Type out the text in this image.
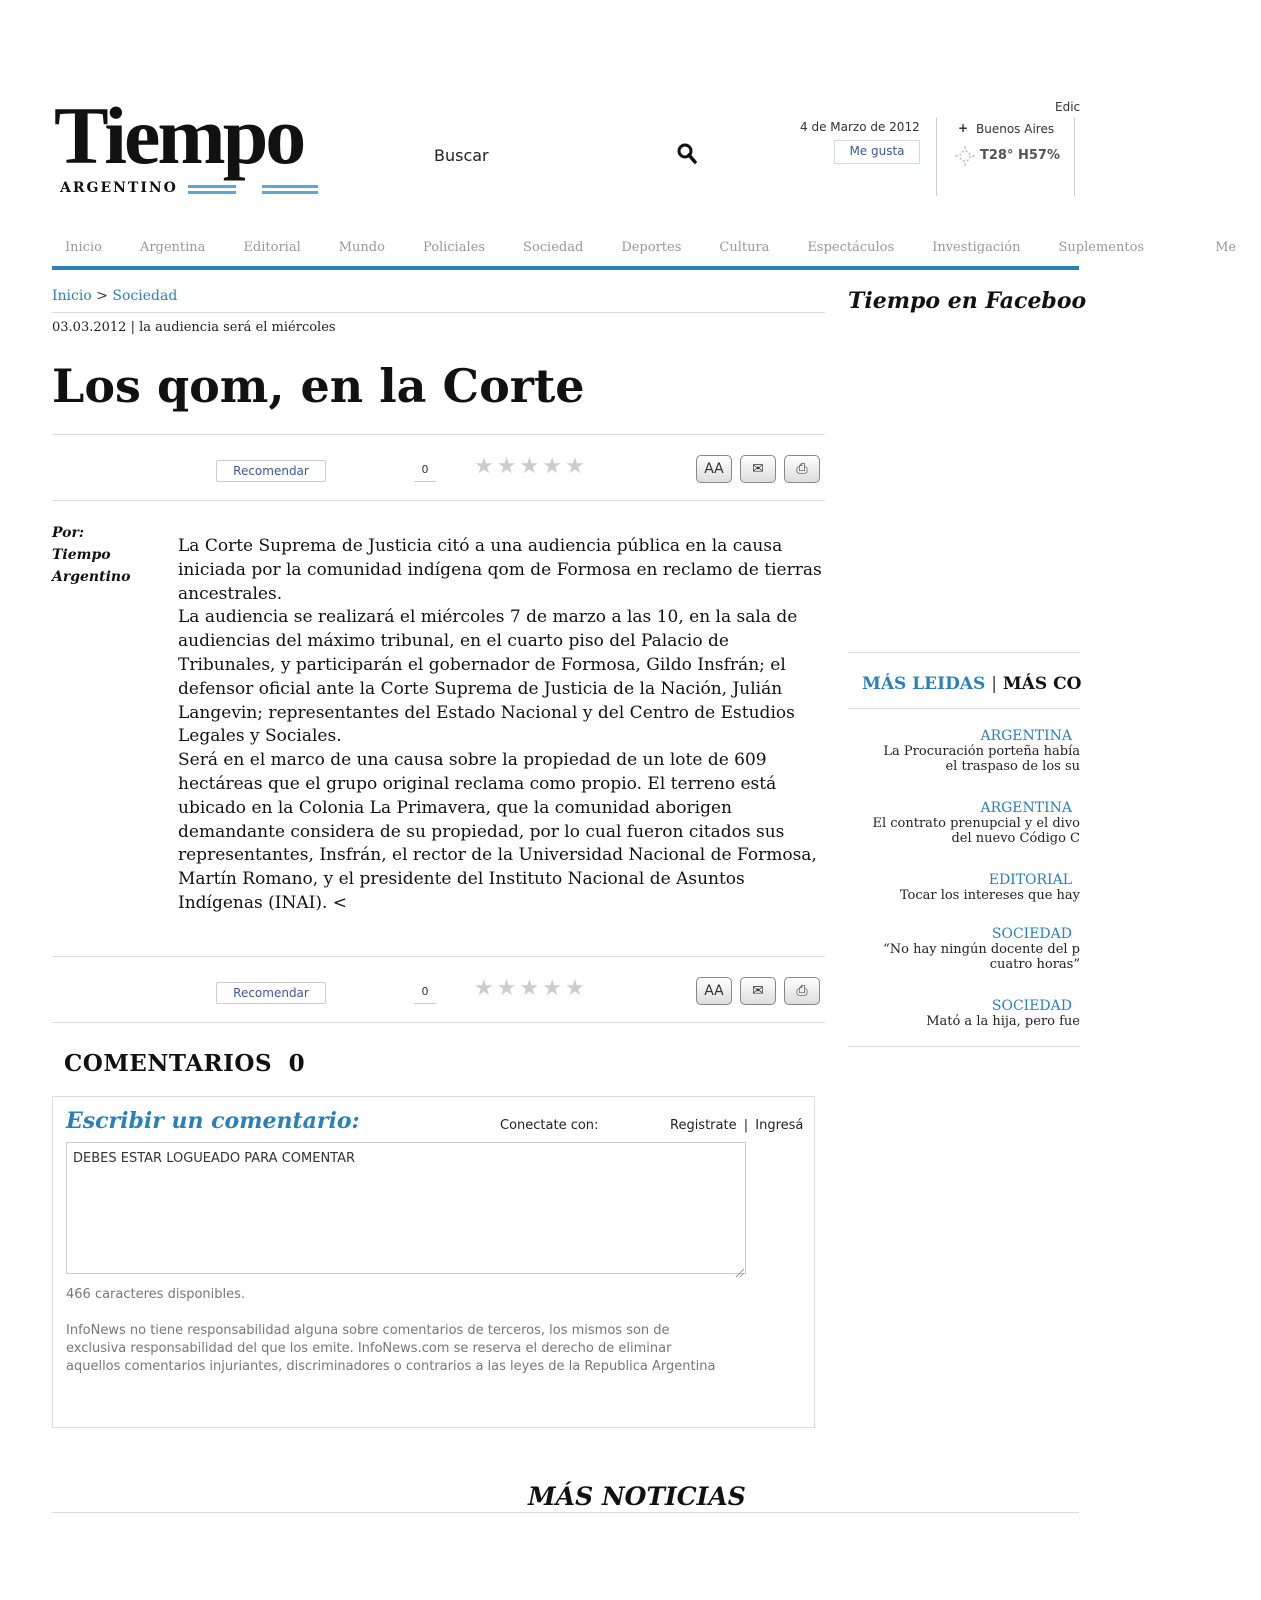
Tiempo
ARGENTINO
Buscar
Edic
4 de Marzo de 2012
Me gusta
+ Buenos Aires
T28° H57%
Inicio	Argentina	Editorial	Mundo	Policiales	Sociedad	Deportes	Cultura	Espectáculos	Investigación	Suplementos	Me
Inicio > Sociedad
03.03.2012 | la audiencia será el miércoles
Los qom, en la Corte
Recomendar	0	★ ★ ★ ★ ★	AA	✉	⎙
Por:
Tiempo
Argentino

La Corte Suprema de Justicia citó a una audiencia pública en la causa iniciada por la comunidad indígena qom de Formosa en reclamo de tierras ancestrales.

La audiencia se realizará el miércoles 7 de marzo a las 10, en la sala de audiencias del máximo tribunal, en el cuarto piso del Palacio de Tribunales, y participarán el gobernador de Formosa, Gildo Insfrán; el defensor oficial ante la Corte Suprema de Justicia de la Nación, Julián Langevin; representantes del Estado Nacional y del Centro de Estudios Legales y Sociales.

Será en el marco de una causa sobre la propiedad de un lote de 609 hectáreas que el grupo original reclama como propio. El terreno está ubicado en la Colonia La Primavera, que la comunidad aborigen demandante considera de su propiedad, por lo cual fueron citados sus representantes, Insfrán, el rector de la Universidad Nacional de Formosa, Martín Romano, y el presidente del Instituto Nacional de Asuntos Indígenas (INAI). <

Recomendar	0	★ ★ ★ ★ ★	AA	✉	⎙
Tiempo en Faceboo
MÁS LEIDAS | MÁS CO
ARGENTINA
La Procuración porteña había
el traspaso de los su
ARGENTINA
El contrato prenupcial y el divo
del nuevo Código C
EDITORIAL
Tocar los intereses que hay
SOCIEDAD
“No hay ningún docente del p
cuatro horas”
SOCIEDAD
Mató a la hija, pero fue
COMENTARIOS 0
Escribir un comentario:	Conectate con:	Registrate | Ingresá
DEBES ESTAR LOGUEADO PARA COMENTAR
466 caracteres disponibles.
InfoNews no tiene responsabilidad alguna sobre comentarios de terceros, los mismos son de exclusiva responsabilidad del que los emite. InfoNews.com se reserva el derecho de eliminar aquellos comentarios injuriantes, discriminadores o contrarios a las leyes de la Republica Argentina
MÁS NOTICIAS
